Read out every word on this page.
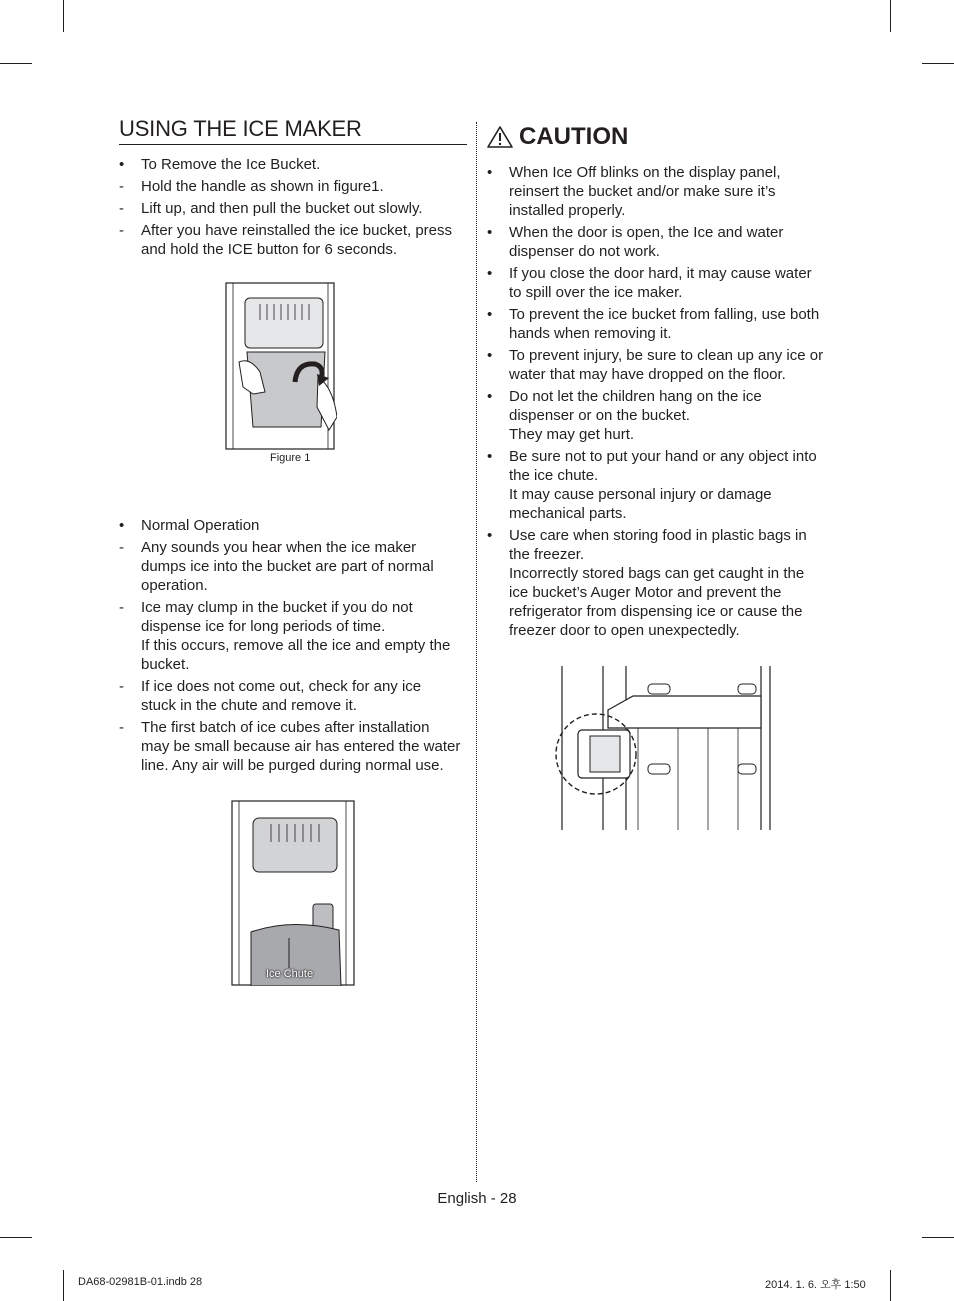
USING THE ICE MAKER
•	To Remove the Ice Bucket.
-	Hold the handle as shown in figure1.
-	Lift up, and then pull the bucket out slowly.
-	After you have reinstalled the ice bucket, press
and hold the ICE button for 6 seconds.
Figure 1
•	Normal Operation
-	Any sounds you hear when the ice maker
dumps ice into the bucket are part of normal
operation.
-	Ice may clump in the bucket if you do not
dispense ice for long periods of time.
If this occurs, remove all the ice and empty the
bucket.
-	If ice does not come out, check for any ice
stuck in the chute and remove it.
-	The first batch of ice cubes after installation
may be small because air has entered the water
line. Any air will be purged during normal use.
Ice Chute
CAUTION
•	When Ice Off blinks on the display panel,
reinsert the bucket and/or make sure it’s
installed properly.
•	When the door is open, the Ice and water
dispenser do not work.
•	If you close the door hard, it may cause water
to spill over the ice maker.
•	To prevent the ice bucket from falling, use both
hands when removing it.
•	To prevent injury, be sure to clean up any ice or
water that may have dropped on the floor.
•	Do not let the children hang on the ice
dispenser or on the bucket.
They may get hurt.
•	Be sure not to put your hand or any object into
the ice chute.
It may cause personal injury or damage
mechanical parts.
•	Use care when storing food in plastic bags in
the freezer.
Incorrectly stored bags can get caught in the
ice bucket’s Auger Motor and prevent the
refrigerator from dispensing ice or cause the
freezer door to open unexpectedly.
English - 28
DA68-02981B-01.indb 28	2014. 1. 6. 오후 1:50
